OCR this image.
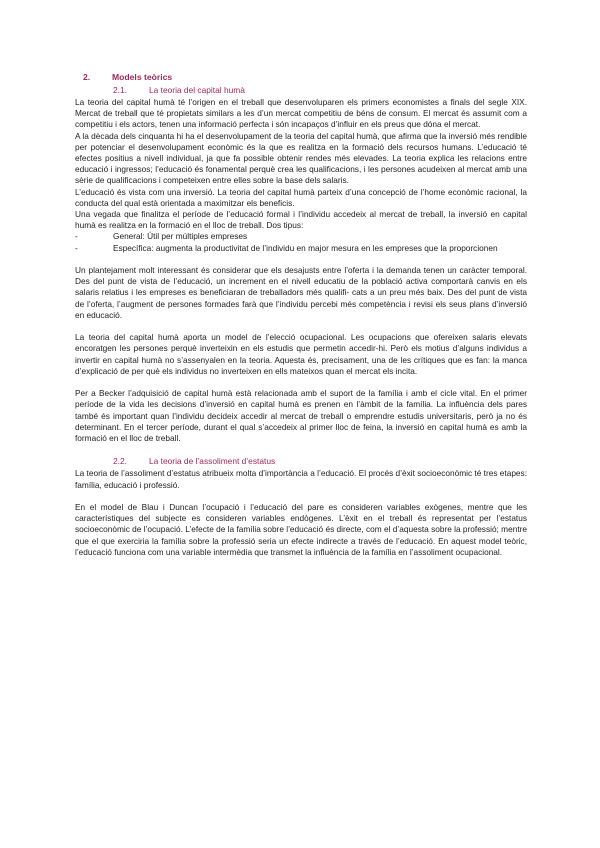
2.	Models teòrics
2.1.	La teoria del capital humà

La teoria del capital humà té l’origen en el treball que desenvoluparen els primers economistes a finals del segle XIX. Mercat de treball que té propietats similars a les d’un mercat competitiu de béns de consum. El mercat és assumit com a competitiu i els actors, tenen una informació perfecta i són incapaços d’influir en els preus que dóna el mercat.

A la dècada dels cinquanta hi ha el desenvolupament de la teoria del capital humà, que afirma que la inversió més rendible per potenciar el desenvolupament econòmic és la que es realitza en la formació dels recursos humans. L’educació té efectes positius a nivell individual, ja que fa possible obtenir rendes més elevades. La teoria explica les relacions entre educació i ingressos; l’educació és fonamental perquè crea les qualificacions, i les persones acudeixen al mercat amb una sèrie de qualificacions i competeixen entre elles sobre la base dels salaris.

L’educació és vista com una inversió. La teoria del capital humà parteix d’una concepció de l’home econòmic racional, la conducta del qual està orientada a maximitzar els beneficis.

Una vegada que finalitza el període de l’educació formal i l’individu accedeix al mercat de treball, la inversió en capital humà es realitza en la formació en el lloc de treball. Dos tipus:

-	General: Útil per múltiples empreses
-	Específica: augmenta la productivitat de l’individu en major mesura en les empreses que la proporcionen

Un plantejament molt interessant és considerar que els desajusts entre l’oferta i la demanda tenen un caràcter temporal. Des del punt de vista de l’educació, un increment en el nivell educatiu de la població activa comportarà canvis en els salaris relatius i les empreses es beneficiaran de treballadors més qualifi- cats a un preu més baix. Des del punt de vista de l’oferta, l’augment de persones formades farà que l’individu percebi més competència i revisi els seus plans d’inversió en educació.

La teoria del capital humà aporta un model de l’elecció ocupacional. Les ocupacions que ofereixen salaris elevats encoratgen les persones perquè inverteixin en els estudis que permetin accedir-hi. Però els motius d’alguns individus a invertir en capital humà no s’assenyalen en la teoria. Aquesta és, precisament, una de les crítiques que es fan: la manca d’explicació de per què els individus no inverteixen en ells mateixos quan el mercat els incita.

Per a Becker l’adquisició de capital humà està relacionada amb el suport de la família i amb el cicle vital. En el primer període de la vida les decisions d’inversió en capital humà es prenen en l’àmbit de la família. La influència dels pares també és important quan l’individu decideix accedir al mercat de treball o emprendre estudis universitaris, però ja no és determinant. En el tercer període, durant el qual s’accedeix al primer lloc de feina, la inversió en capital humà es amb la formació en el lloc de treball.

2.2.	La teoria de l’assoliment d’estatus

La teoria de l’assoliment d’estatus atribueix molta d’importància a l’educació. El procés d’èxit socioeconòmic té tres etapes: família, educació i professió.

En el model de Blau i Duncan l’ocupació i l’educació del pare es consideren variables exògenes, mentre que les característiques del subjecte es consideren variables endògenes. L’èxit en el treball és representat per l’estatus socioeconòmic de l’ocupació. L’efecte de la família sobre l’educació és directe, com el d’aquesta sobre la professió; mentre que el que exerciria la família sobre la professió seria un efecte indirecte a través de l’educació. En aquest model teòric, l’educació funciona com una variable intermèdia que transmet la influència de la família en l’assoliment ocupacional.
